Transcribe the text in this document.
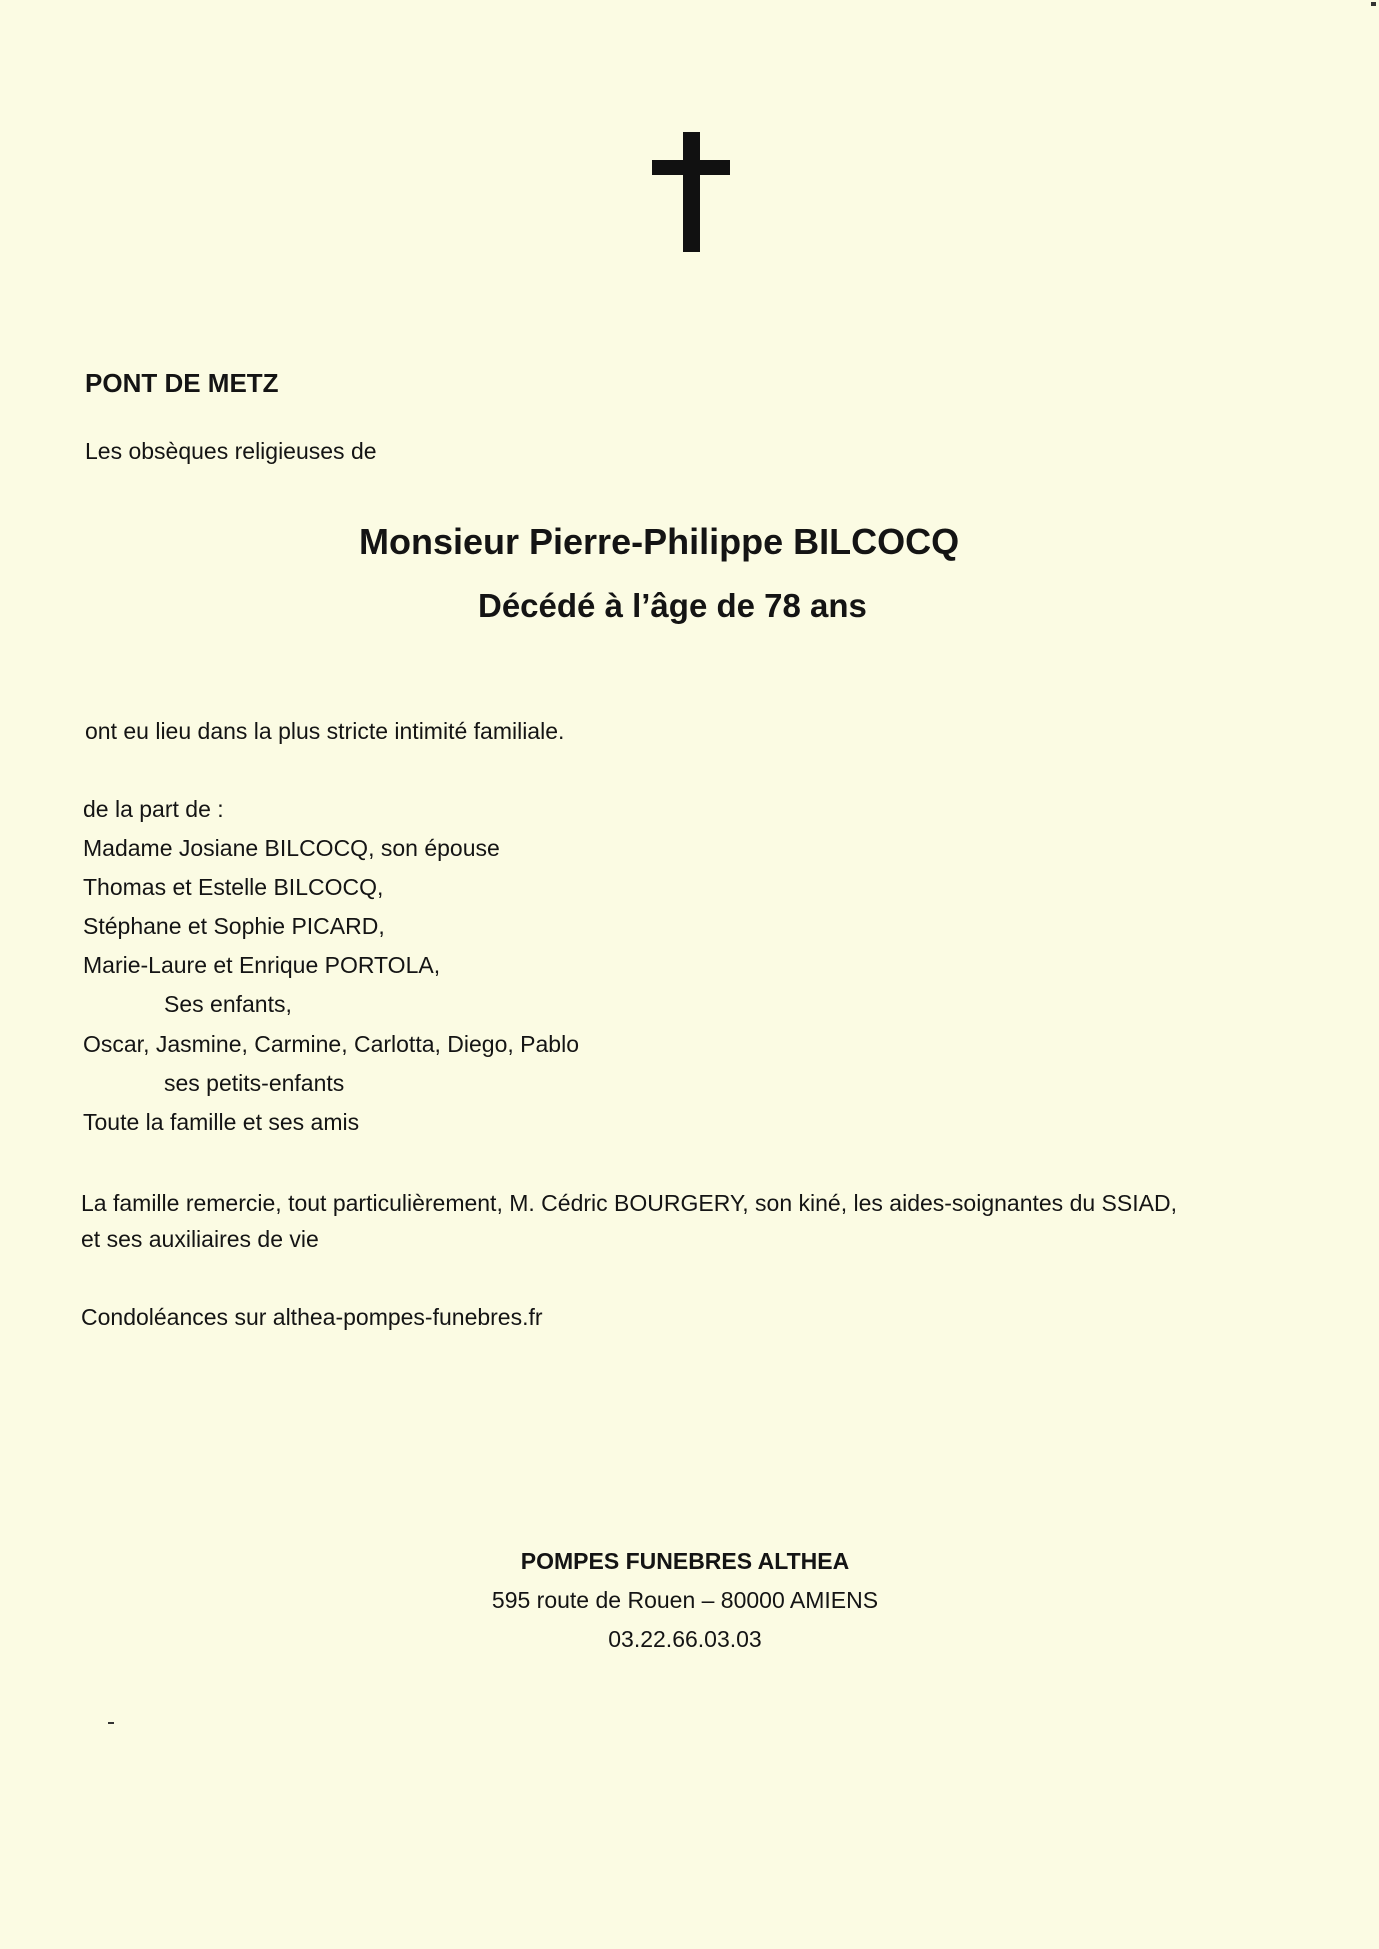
PONT DE METZ
Les obsèques religieuses de
Monsieur Pierre-Philippe BILCOCQ
Décédé à l’âge de 78 ans
ont eu lieu dans la plus stricte intimité familiale.
de la part de :
Madame Josiane BILCOCQ, son épouse
Thomas et Estelle BILCOCQ,
Stéphane et Sophie PICARD,
Marie-Laure et Enrique PORTOLA,
Ses enfants,
Oscar, Jasmine, Carmine, Carlotta, Diego, Pablo
ses petits-enfants
Toute la famille et ses amis
La famille remercie, tout particulièrement, M. Cédric BOURGERY, son kiné, les aides-soignantes du SSIAD,
et ses auxiliaires de vie
Condoléances sur althea-pompes-funebres.fr
POMPES FUNEBRES ALTHEA
595 route de Rouen – 80000 AMIENS
03.22.66.03.03
